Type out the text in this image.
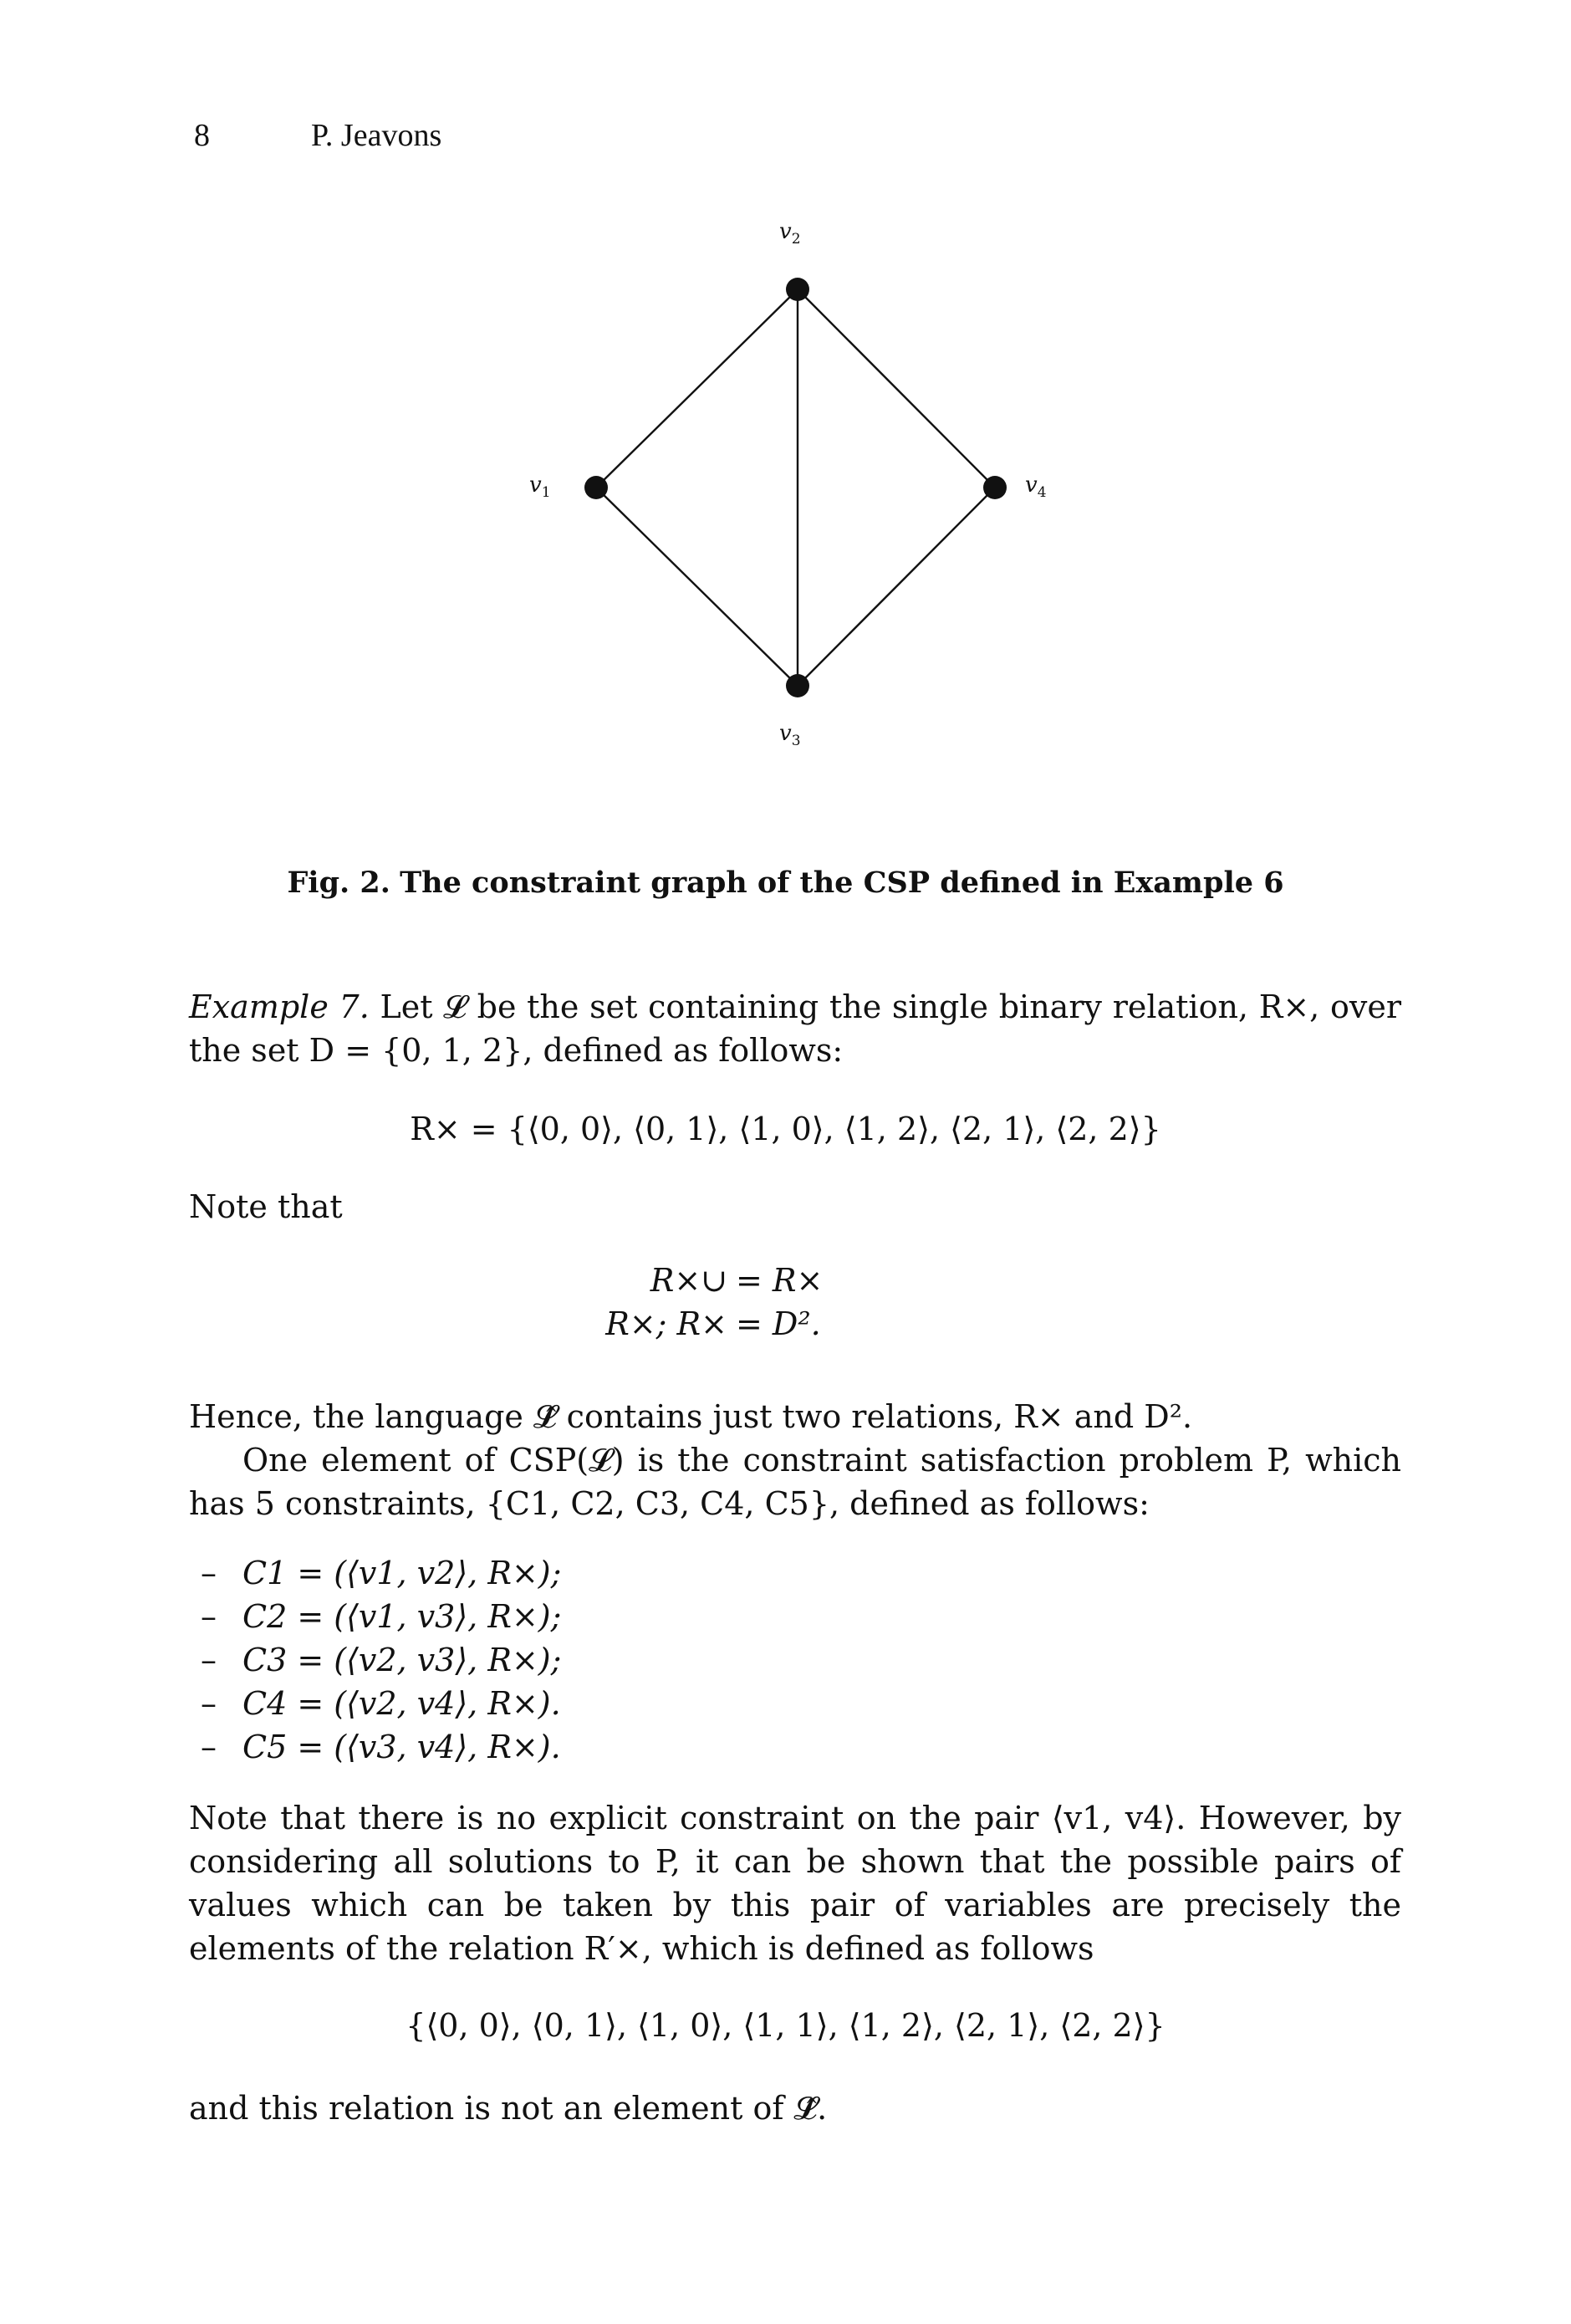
8	P. Jeavons
$v_2$
$v_1$	$v_4$
$v_3$
Fig. 2. The constraint graph of the CSP defined in Example 6
Example 7. Let 𝓛 be the set containing the single binary relation, R×, over the set D = {0, 1, 2}, defined as follows:
R× = {⟨0, 0⟩, ⟨0, 1⟩, ⟨1, 0⟩, ⟨1, 2⟩, ⟨2, 1⟩, ⟨2, 2⟩}
Note that
R×∪ = R×
R×; R× = D².
Hence, the language 𝓛̂ contains just two relations, R× and D².
One element of CSP(𝓛) is the constraint satisfaction problem P, which has 5 constraints, {C1, C2, C3, C4, C5}, defined as follows:
– C1 = (⟨v1, v2⟩, R×);
– C2 = (⟨v1, v3⟩, R×);
– C3 = (⟨v2, v3⟩, R×);
– C4 = (⟨v2, v4⟩, R×).
– C5 = (⟨v3, v4⟩, R×).
Note that there is no explicit constraint on the pair ⟨v1, v4⟩. However, by considering all solutions to P, it can be shown that the possible pairs of values which can be taken by this pair of variables are precisely the elements of the relation R′×, which is defined as follows
{⟨0, 0⟩, ⟨0, 1⟩, ⟨1, 0⟩, ⟨1, 1⟩, ⟨1, 2⟩, ⟨2, 1⟩, ⟨2, 2⟩}
and this relation is not an element of 𝓛̂.
